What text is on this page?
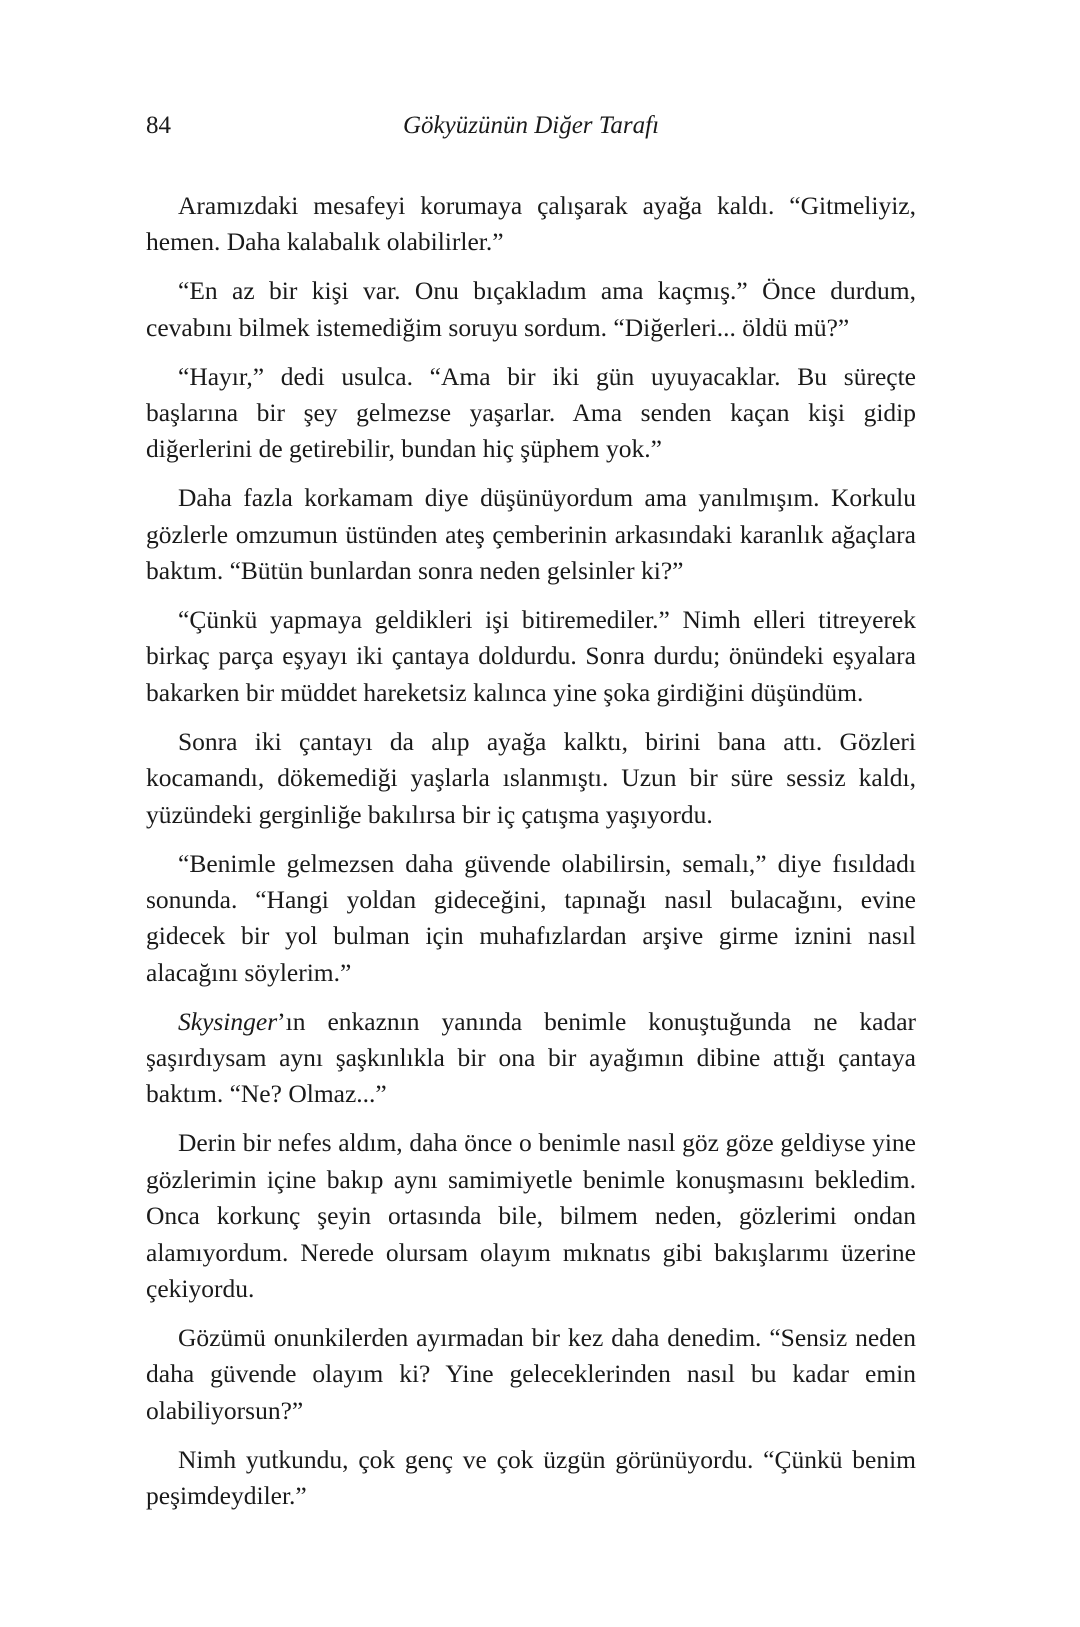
84	Gökyüzünün Diğer Tarafı

Aramızdaki mesafeyi korumaya çalışarak ayağa kaldı. “Gitmeliyiz, hemen. Daha kalabalık olabilirler.”

“En az bir kişi var. Onu bıçakladım ama kaçmış.” Önce durdum, cevabını bilmek istemediğim soruyu sordum. “Diğerleri... öldü mü?”

“Hayır,” dedi usulca. “Ama bir iki gün uyuyacaklar. Bu süreçte başlarına bir şey gelmezse yaşarlar. Ama senden kaçan kişi gidip diğerlerini de getirebilir, bundan hiç şüphem yok.”

Daha fazla korkamam diye düşünüyordum ama yanılmışım. Korkulu gözlerle omzumun üstünden ateş çemberinin arkasındaki karanlık ağaçlara baktım. “Bütün bunlardan sonra neden gelsinler ki?”

“Çünkü yapmaya geldikleri işi bitiremediler.” Nimh elleri titreyerek birkaç parça eşyayı iki çantaya doldurdu. Sonra durdu; önündeki eşyalara bakarken bir müddet hareketsiz kalınca yine şoka girdiğini düşündüm.

Sonra iki çantayı da alıp ayağa kalktı, birini bana attı. Gözleri kocamandı, dökemediği yaşlarla ıslanmıştı. Uzun bir süre sessiz kaldı, yüzündeki gerginliğe bakılırsa bir iç çatışma yaşıyordu.

“Benimle gelmezsen daha güvende olabilirsin, semalı,” diye fısıldadı sonunda. “Hangi yoldan gideceğini, tapınağı nasıl bulacağını, evine gidecek bir yol bulman için muhafızlardan arşive girme iznini nasıl alacağını söylerim.”

Skysinger’ın enkaznın yanında benimle konuştuğunda ne kadar şaşırdıysam aynı şaşkınlıkla bir ona bir ayağımın dibine attığı çantaya baktım. “Ne? Olmaz...”

Derin bir nefes aldım, daha önce o benimle nasıl göz göze geldiyse yine gözlerimin içine bakıp aynı samimiyetle benimle konuşmasını bekledim. Onca korkunç şeyin ortasında bile, bilmem neden, gözlerimi ondan alamıyordum. Nerede olursam olayım mıknatıs gibi bakışlarımı üzerine çekiyordu.

Gözümü onunkilerden ayırmadan bir kez daha denedim. “Sensiz neden daha güvende olayım ki? Yine geleceklerinden nasıl bu kadar emin olabiliyorsun?”

Nimh yutkundu, çok genç ve çok üzgün görünüyordu. “Çünkü benim peşimdeydiler.”
